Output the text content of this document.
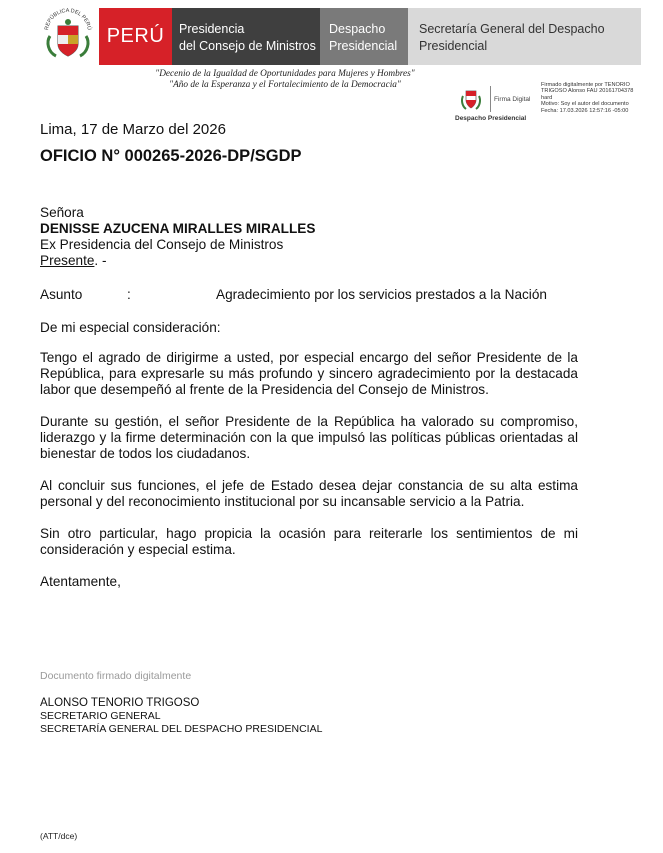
REPÚBLICA DEL PERÚ PERÚ Presidencia
del Consejo de Ministros
Despacho
Presidencial
Secretaría General del Despacho
Presidencial
"Decenio de la Igualdad de Oportunidades para Mujeres y Hombres"
"Año de la Esperanza y el Fortalecimiento de la Democracia"
Firma Digital
Despacho Presidencial
Firmado digitalmente por TENORIO
TRIGOSO Alonso FAU 20161704378
hard
Motivo: Soy el autor del documento
Fecha: 17.03.2026 12:57:16 -05:00
Lima, 17 de Marzo del 2026
OFICIO N° 000265-2026-DP/SGDP
Señora
DENISSE AZUCENA MIRALLES MIRALLES
Ex Presidencia del Consejo de Ministros
Presente. -
Asunto	:	Agradecimiento por los servicios prestados a la Nación
De mi especial consideración:
Tengo el agrado de dirigirme a usted, por especial encargo del señor Presidente de la República, para expresarle su más profundo y sincero agradecimiento por la destacada labor que desempeñó al frente de la Presidencia del Consejo de Ministros.
Durante su gestión, el señor Presidente de la República ha valorado su compromiso, liderazgo y la firme determinación con la que impulsó las políticas públicas orientadas al bienestar de todos los ciudadanos.
Al concluir sus funciones, el jefe de Estado desea dejar constancia de su alta estima personal y del reconocimiento institucional por su incansable servicio a la Patria.
Sin otro particular, hago propicia la ocasión para reiterarle los sentimientos de mi consideración y especial estima.
Atentamente,
Documento firmado digitalmente
ALONSO TENORIO TRIGOSO
SECRETARIO GENERAL
SECRETARÍA GENERAL DEL DESPACHO PRESIDENCIAL
(ATT/dce)
